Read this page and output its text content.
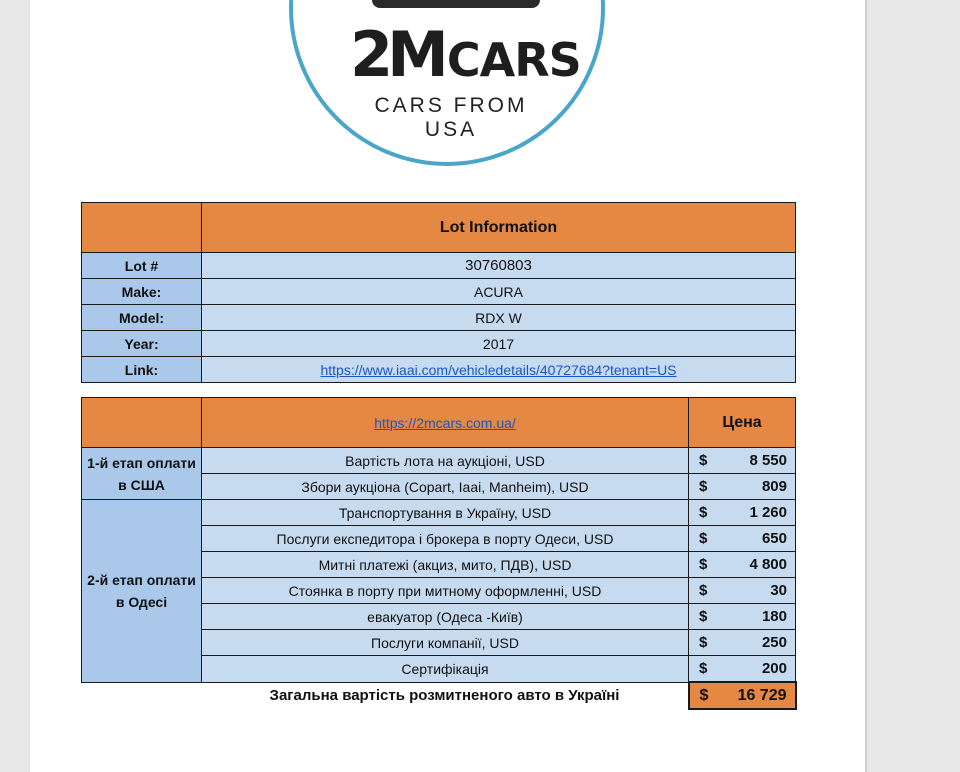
2MCARS
CARS FROM USA
	Lot Information
Lot #	30760803
Make:	ACURA
Model:	RDX W
Year:	2017
Link:	https://www.iaai.com/vehicledetails/40727684?tenant=US
	https://2mcars.com.ua/	Цена
1-й етап оплати в США	Вартість лота на аукціоні, USD	$ 8 550

	Збори аукціона (Copart, Iaai, Manheim), USD	$ 809

2-й етап оплати в Одесі	Транспортування в Україну, USD	$ 1 260

	Послуги експедитора і брокера в порту Одеси, USD	$ 650

	Митні платежі (акциз, мито, ПДВ), USD	$ 4 800

	Стоянка в порту при митному оформленні, USD	$ 30

	евакуатор (Одеса -Київ)	$ 180

	Послуги компанії, USD	$ 250

	Сертифікація	$ 200

	Загальна вартість розмитненого авто в Україні	$ 16 729
